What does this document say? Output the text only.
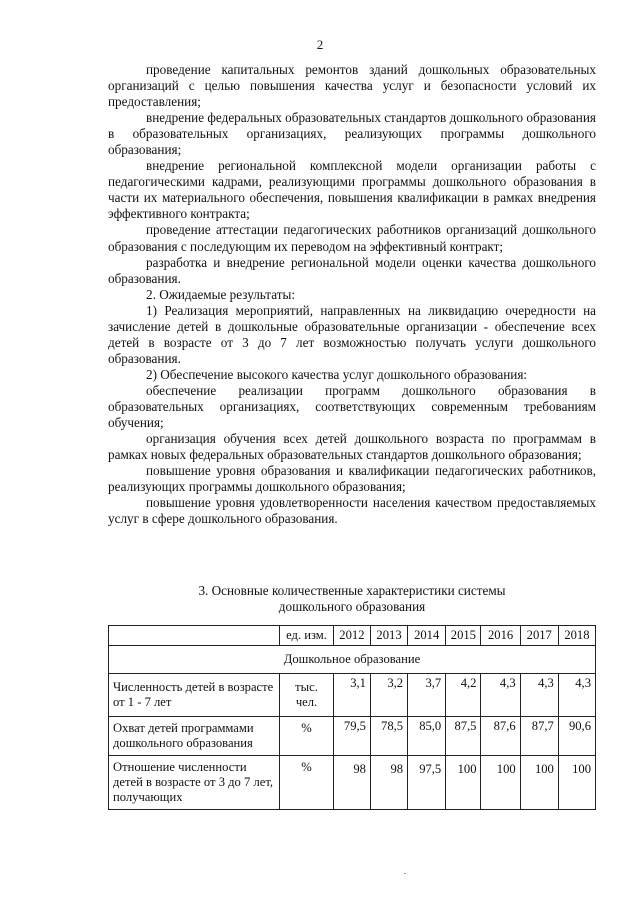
2

проведение капитальных ремонтов зданий дошкольных образовательных организаций с целью повышения качества услуг и безопасности условий их предоставления;

внедрение федеральных образовательных стандартов дошкольного образования в образовательных организациях, реализующих программы дошкольного образования;

внедрение региональной комплексной модели организации работы с педагогическими кадрами, реализующими программы дошкольного образования в части их материального обеспечения, повышения квалификации в рамках внедрения эффективного контракта;

проведение аттестации педагогических работников организаций дошкольного образования с последующим их переводом на эффективный контракт;

разработка и внедрение региональной модели оценки качества дошкольного образования.

2. Ожидаемые результаты:

1) Реализация мероприятий, направленных на ликвидацию очередности на зачисление детей в дошкольные образовательные организации - обеспечение всех детей в возрасте от 3 до 7 лет возможностью получать услуги дошкольного образования.

2) Обеспечение высокого качества услуг дошкольного образования:

обеспечение реализации программ дошкольного образования в образовательных организациях, соответствующих современным требованиям обучения;

организация обучения всех детей дошкольного возраста по программам в рамках новых федеральных образовательных стандартов дошкольного образования;

повышение уровня образования и квалификации педагогических работников, реализующих программы дошкольного образования;

повышение уровня удовлетворенности населения качеством предоставляемых услуг в сфере дошкольного образования.

3. Основные количественные характеристики системы
дошкольного образования
	ед. изм.	2012	2013	2014	2015	2016	2017	2018
Дошкольное образование								
Численность детей в возрасте от 1 - 7 лет	тыс. чел.	3,1	3,2	3,7	4,2	4,3	4,3	4,3
Охват детей программами дошкольного образования	%	79,5	78,5	85,0	87,5	87,6	87,7	90,6
Отношение численности детей в возрасте от 3 до 7 лет, получающих	%	98	98	97,5	100	100	100	100
